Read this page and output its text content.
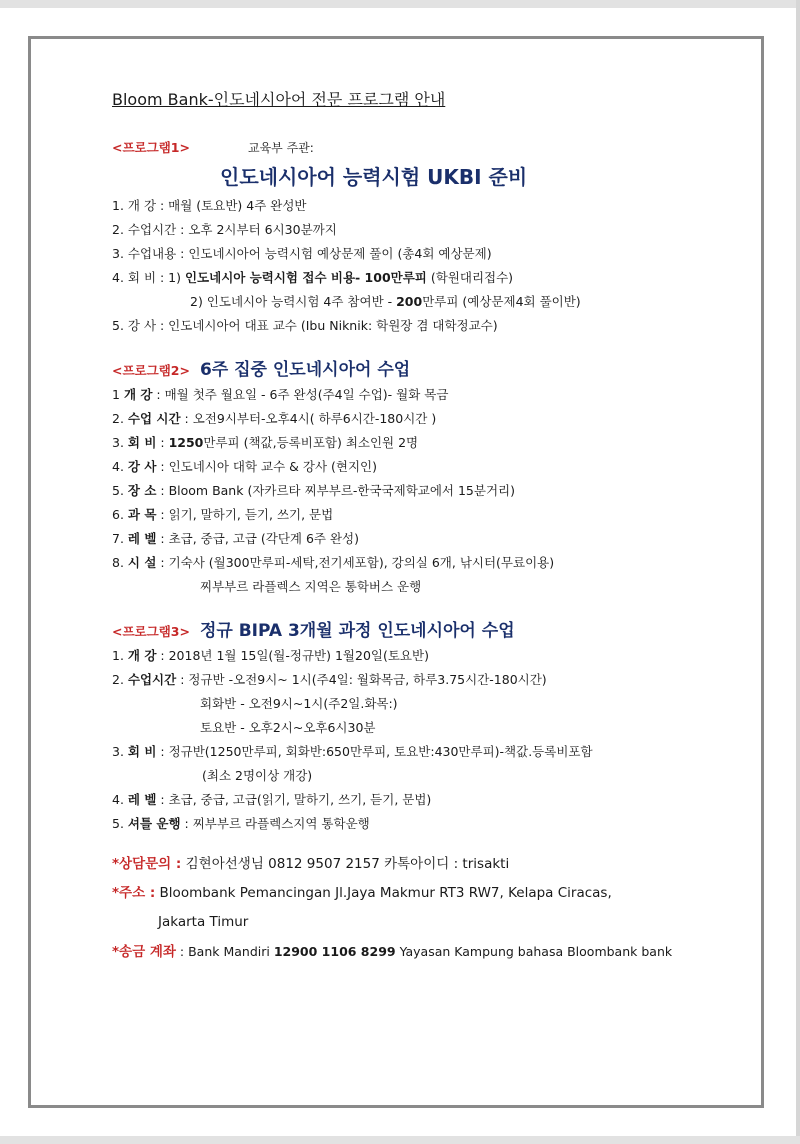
Bloom Bank-인도네시아어 전문 프로그램 안내
<프로그램1>	교육부 주관:
인도네시아어 능력시험 UKBI 준비
1. 개 강 : 매월 (토요반) 4주 완성반
2. 수업시간 : 오후 2시부터 6시30분까지
3. 수업내용 : 인도네시아어 능력시험 예상문제 풀이 (총4회 예상문제)
4. 회 비 : 1) 인도네시아 능력시험 접수 비용- 100만루피 (학원대리접수)
2) 인도네시아 능력시험 4주 참여반 - 200만루피 (예상문제4회 풀이반)
5. 강 사 : 인도네시아어 대표 교수 (Ibu Niknik: 학원장 겸 대학정교수)
<프로그램2> 6주 집중 인도네시아어 수업
1 개 강 : 매월 첫주 월요일 - 6주 완성(주4일 수업)- 월화 목금
2. 수업 시간 : 오전9시부터-오후4시( 하루6시간-180시간 )
3. 회 비 : 1250만루피 (책값,등록비포함) 최소인원 2명
4. 강 사 : 인도네시아 대학 교수 & 강사 (현지인)
5. 장 소 : Bloom Bank (자카르타 찌부부르-한국국제학교에서 15분거리)
6. 과 목 : 읽기, 말하기, 듣기, 쓰기, 문법
7. 레 벨 : 초급, 중급, 고급 (각단계 6주 완성)
8. 시 설 : 기숙사 (월300만루피-세탁,전기세포함), 강의실 6개, 낚시터(무료이용)
찌부부르 라플렉스 지역은 통학버스 운행
<프로그램3> 정규 BIPA 3개월 과정 인도네시아어 수업
1. 개 강 : 2018년 1월 15일(월-정규반) 1월20일(토요반)
2. 수업시간 : 정규반 -오전9시~ 1시(주4일: 월화목금, 하루3.75시간-180시간)
회화반 - 오전9시~1시(주2일.화목:)
토요반 - 오후2시~오후6시30분
3. 회 비 : 정규반(1250만루피, 회화반:650만루피, 토요반:430만루피)-책값.등록비포함
(최소 2명이상 개강)
4. 레 벨 : 초급, 중급, 고급(읽기, 말하기, 쓰기, 듣기, 문법)
5. 셔틀 운행 : 찌부부르 라플렉스지역 통학운행
*상담문의 : 김현아선생님 0812 9507 2157 카톡아이디 : trisakti
*주소 : Bloombank Pemancingan Jl.Jaya Makmur RT3 RW7, Kelapa Ciracas,
Jakarta Timur
*송금 계좌 : Bank Mandiri 12900 1106 8299 Yayasan Kampung bahasa Bloombank bank
